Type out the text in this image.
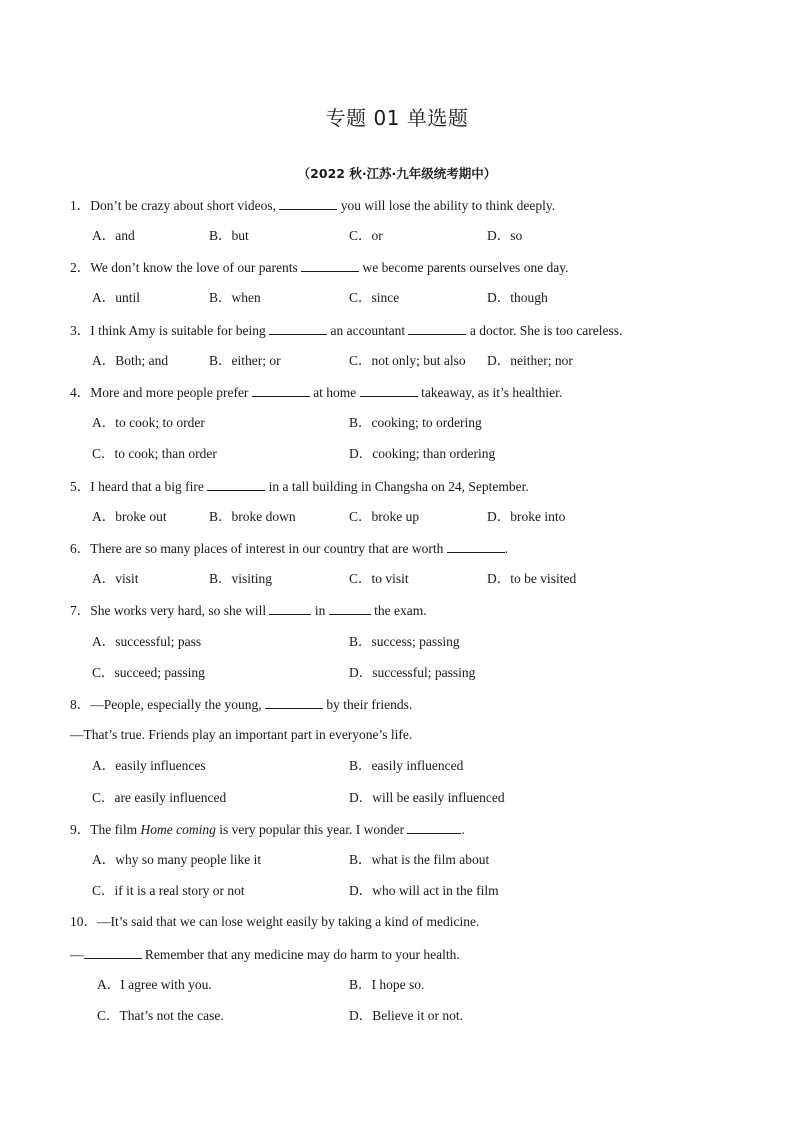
专题 01 单选题
（2022 秋·江苏·九年级统考期中）
1．Don’t be crazy about short videos,	you will lose the ability to think deeply.
A．and	B．but	C．or	D．so
2．We don’t know the love of our parents	we become parents ourselves one day.
A．until	B．when	C．since	D．though
3．I think Amy is suitable for being	an accountant	a doctor. She is too careless.
A．Both; and	B．either; or	C．not only; but also D．neither; nor
4．More and more people prefer	at home	takeaway, as it’s healthier.
A．to cook; to order	B．cooking; to ordering
C．to cook; than order	D．cooking; than ordering
5．I heard that a big fire	in a tall building in Changsha on 24, September.
A．broke out	B．broke down	C．broke up	D．broke into
6．There are so many places of interest in our country that are worth	.
A．visit	B．visiting	C．to visit	D．to be visited
7．She works very hard, so she will	in	the exam.
A．successful; pass	B．success; passing
C．succeed; passing	D．successful; passing
8．—People, especially the young,	by their friends.
—That’s true. Friends play an important part in everyone’s life.
A．easily influences	B．easily influenced
C．are easily influenced	D．will be easily influenced
9．The film Home coming is very popular this year. I wonder	.
A．why so many people like it	B．what is the film about
C．if it is a real story or not	D．who will act in the film
10．—It’s said that we can lose weight easily by taking a kind of medicine.
—	Remember that any medicine may do harm to your health.
A．I agree with you.	B．I hope so.
C．That’s not the case.	D．Believe it or not.
